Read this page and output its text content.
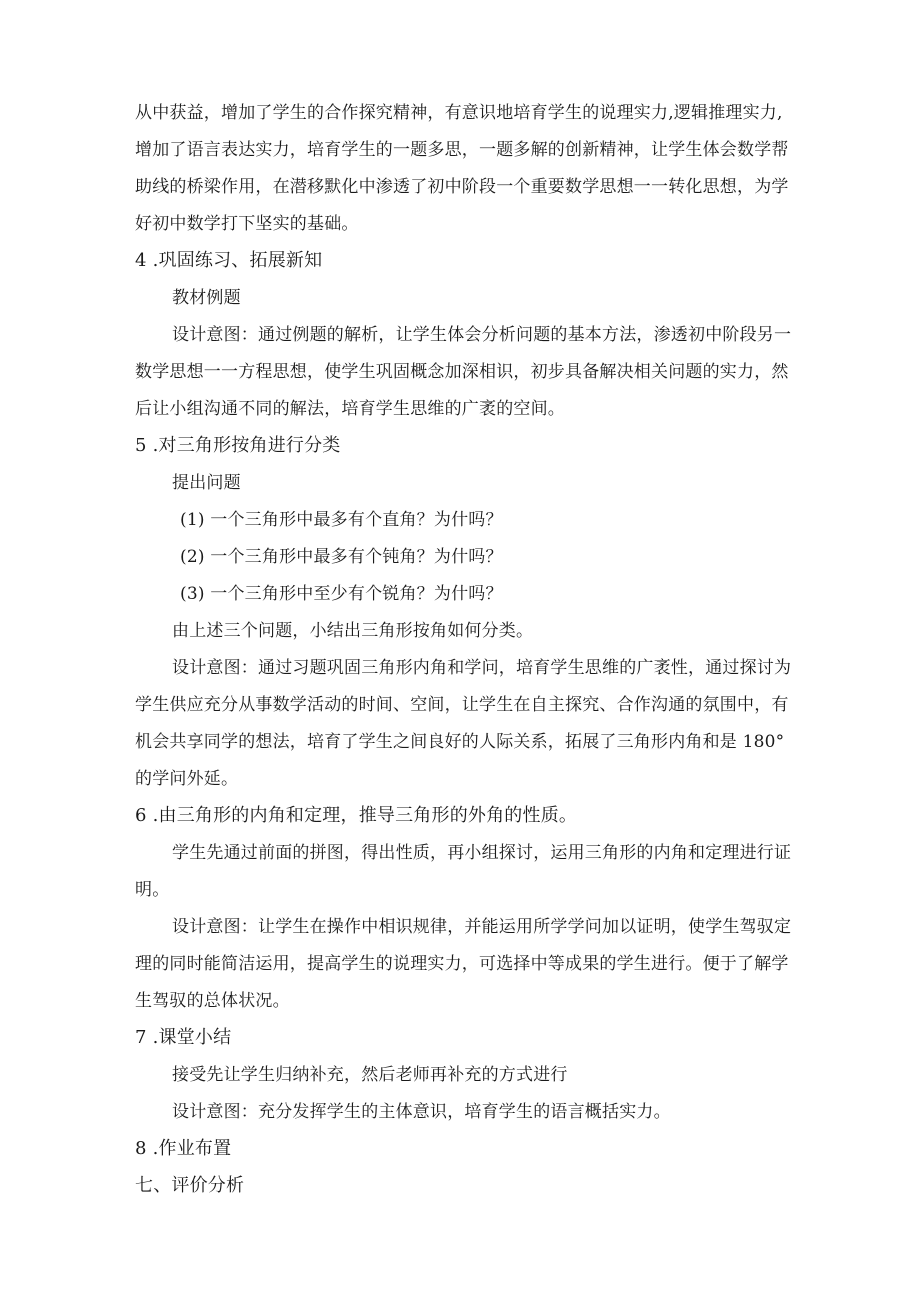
从中获益，增加了学生的合作探究精神，有意识地培育学生的说理实力,逻辑推理实力,
增加了语言表达实力，培育学生的一题多思，一题多解的创新精神，让学生体会数学帮
助线的桥梁作用，在潜移默化中渗透了初中阶段一个重要数学思想一一转化思想，为学
好初中数学打下坚实的基础。
4 .巩固练习、拓展新知
教材例题
设计意图：通过例题的解析，让学生体会分析问题的基本方法，渗透初中阶段另一
数学思想一一方程思想，使学生巩固概念加深相识，初步具备解决相关问题的实力，然
后让小组沟通不同的解法，培育学生思维的广袤的空间。
5 .对三角形按角进行分类
提出问题
(1) 一个三角形中最多有个直角？为什吗？
(2) 一个三角形中最多有个钝角？为什吗？
(3) 一个三角形中至少有个锐角？为什吗？
由上述三个问题，小结出三角形按角如何分类。
设计意图：通过习题巩固三角形内角和学问，培育学生思维的广袤性，通过探讨为
学生供应充分从事数学活动的时间、空间，让学生在自主探究、合作沟通的氛围中，有
机会共享同学的想法，培育了学生之间良好的人际关系，拓展了三角形内角和是 180°
的学问外延。
6 .由三角形的内角和定理，推导三角形的外角的性质。
学生先通过前面的拼图，得出性质，再小组探讨，运用三角形的内角和定理进行证
明。
设计意图：让学生在操作中相识规律，并能运用所学学问加以证明，使学生驾驭定
理的同时能简洁运用，提高学生的说理实力，可选择中等成果的学生进行。便于了解学
生驾驭的总体状况。
7 .课堂小结
接受先让学生归纳补充，然后老师再补充的方式进行
设计意图：充分发挥学生的主体意识，培育学生的语言概括实力。
8 .作业布置
七、评价分析
